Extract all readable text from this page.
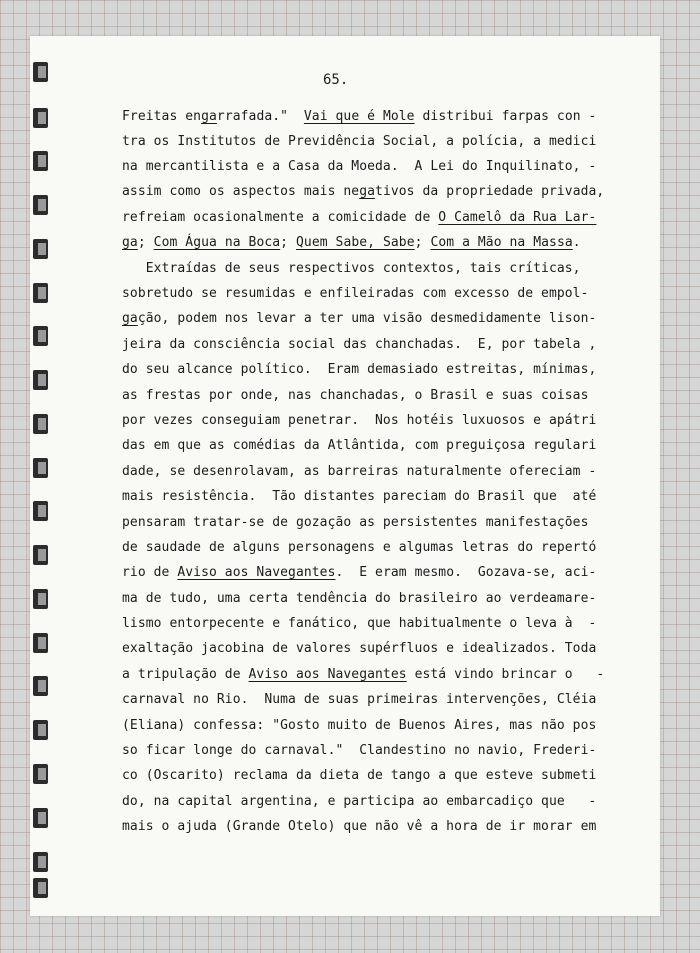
65.
Freitas engarrafada."  Vai que é Mole distribui farpas con -
tra os Institutos de Previdência Social, a polícia, a medici
na mercantilista e a Casa da Moeda.  A Lei do Inquilinato, -
assim como os aspectos mais negativos da propriedade privada,
refreiam ocasionalmente a comicidade de O Camelô da Rua Lar-
ga; Com Água na Boca; Quem Sabe, Sabe; Com a Mão na Massa.
Extraídas de seus respectivos contextos, tais críticas,
sobretudo se resumidas e enfileiradas com excesso de empol-
gação, podem nos levar a ter uma visão desmedidamente lison-
jeira da consciência social das chanchadas.  E, por tabela ,
do seu alcance político.  Eram demasiado estreitas, mínimas,
as frestas por onde, nas chanchadas, o Brasil e suas coisas
por vezes conseguiam penetrar.  Nos hotéis luxuosos e apátri
das em que as comédias da Atlântida, com preguiçosa regulari
dade, se desenrolavam, as barreiras naturalmente ofereciam -
mais resistência.  Tão distantes pareciam do Brasil que  até
pensaram tratar-se de gozação as persistentes manifestações
de saudade de alguns personagens e algumas letras do repertó
rio de Aviso aos Navegantes.  E eram mesmo.  Gozava-se, aci-
ma de tudo, uma certa tendência do brasileiro ao verdeamare-
lismo entorpecente e fanático, que habitualmente o leva à  -
exaltação jacobina de valores supérfluos e idealizados. Toda
a tripulação de Aviso aos Navegantes está vindo brincar o   -
carnaval no Rio.  Numa de suas primeiras intervenções, Cléia
(Eliana) confessa: "Gosto muito de Buenos Aires, mas não pos
so ficar longe do carnaval."  Clandestino no navio, Frederi-
co (Oscarito) reclama da dieta de tango a que esteve submeti
do, na capital argentina, e participa ao embarcadiço que   -
mais o ajuda (Grande Otelo) que não vê a hora de ir morar em
